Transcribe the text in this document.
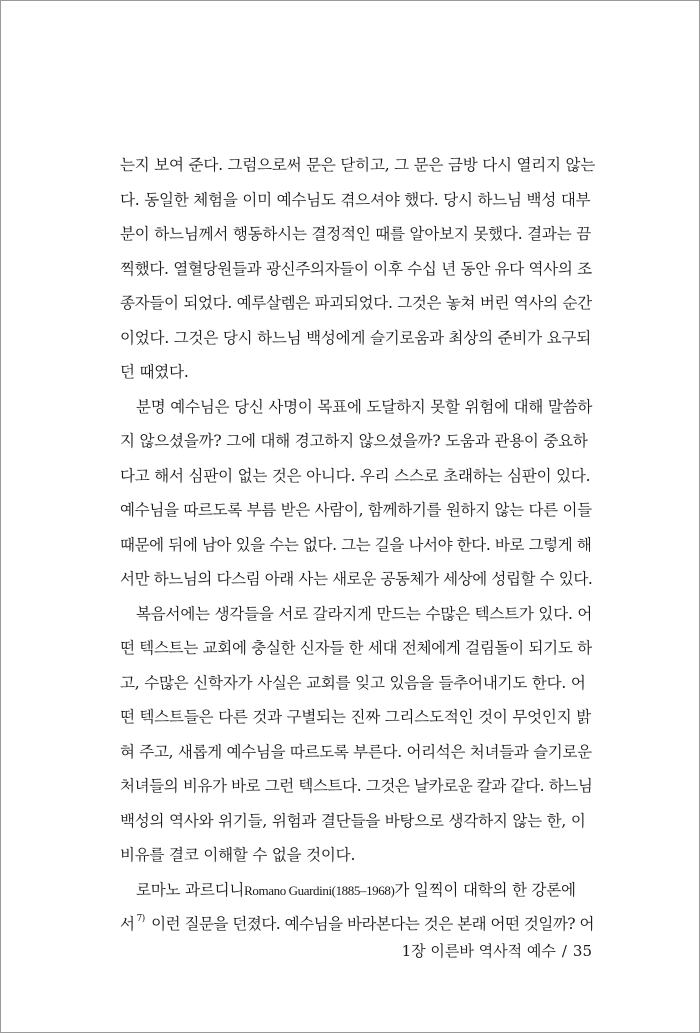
는지 보여 준다. 그럼으로써 문은 닫히고, 그 문은 금방 다시 열리지 않는
다. 동일한 체험을 이미 예수님도 겪으셔야 했다. 당시 하느님 백성 대부
분이 하느님께서 행동하시는 결정적인 때를 알아보지 못했다. 결과는 끔
찍했다. 열혈당원들과 광신주의자들이 이후 수십 년 동안 유다 역사의 조
종자들이 되었다. 예루살렘은 파괴되었다. 그것은 놓쳐 버린 역사의 순간
이었다. 그것은 당시 하느님 백성에게 슬기로움과 최상의 준비가 요구되
던 때였다.
분명 예수님은 당신 사명이 목표에 도달하지 못할 위험에 대해 말씀하
지 않으셨을까? 그에 대해 경고하지 않으셨을까? 도움과 관용이 중요하
다고 해서 심판이 없는 것은 아니다. 우리 스스로 초래하는 심판이 있다.
예수님을 따르도록 부름 받은 사람이, 함께하기를 원하지 않는 다른 이들
때문에 뒤에 남아 있을 수는 없다. 그는 길을 나서야 한다. 바로 그렇게 해
서만 하느님의 다스림 아래 사는 새로운 공동체가 세상에 성립할 수 있다.
복음서에는 생각들을 서로 갈라지게 만드는 수많은 텍스트가 있다. 어
떤 텍스트는 교회에 충실한 신자들 한 세대 전체에게 걸림돌이 되기도 하
고, 수많은 신학자가 사실은 교회를 잊고 있음을 들추어내기도 한다. 어
떤 텍스트들은 다른 것과 구별되는 진짜 그리스도적인 것이 무엇인지 밝
혀 주고, 새롭게 예수님을 따르도록 부른다. 어리석은 처녀들과 슬기로운
처녀들의 비유가 바로 그런 텍스트다. 그것은 날카로운 칼과 같다. 하느님
백성의 역사와 위기들, 위험과 결단들을 바탕으로 생각하지 않는 한, 이
비유를 결코 이해할 수 없을 것이다.
로마노 과르디니Romano Guardini(1885–1968)가 일찍이 대학의 한 강론에
서 $^{7)}$ 이런 질문을 던졌다. 예수님을 바라본다는 것은 본래 어떤 것일까? 어
1장 이른바 역사적 예수 / 35
